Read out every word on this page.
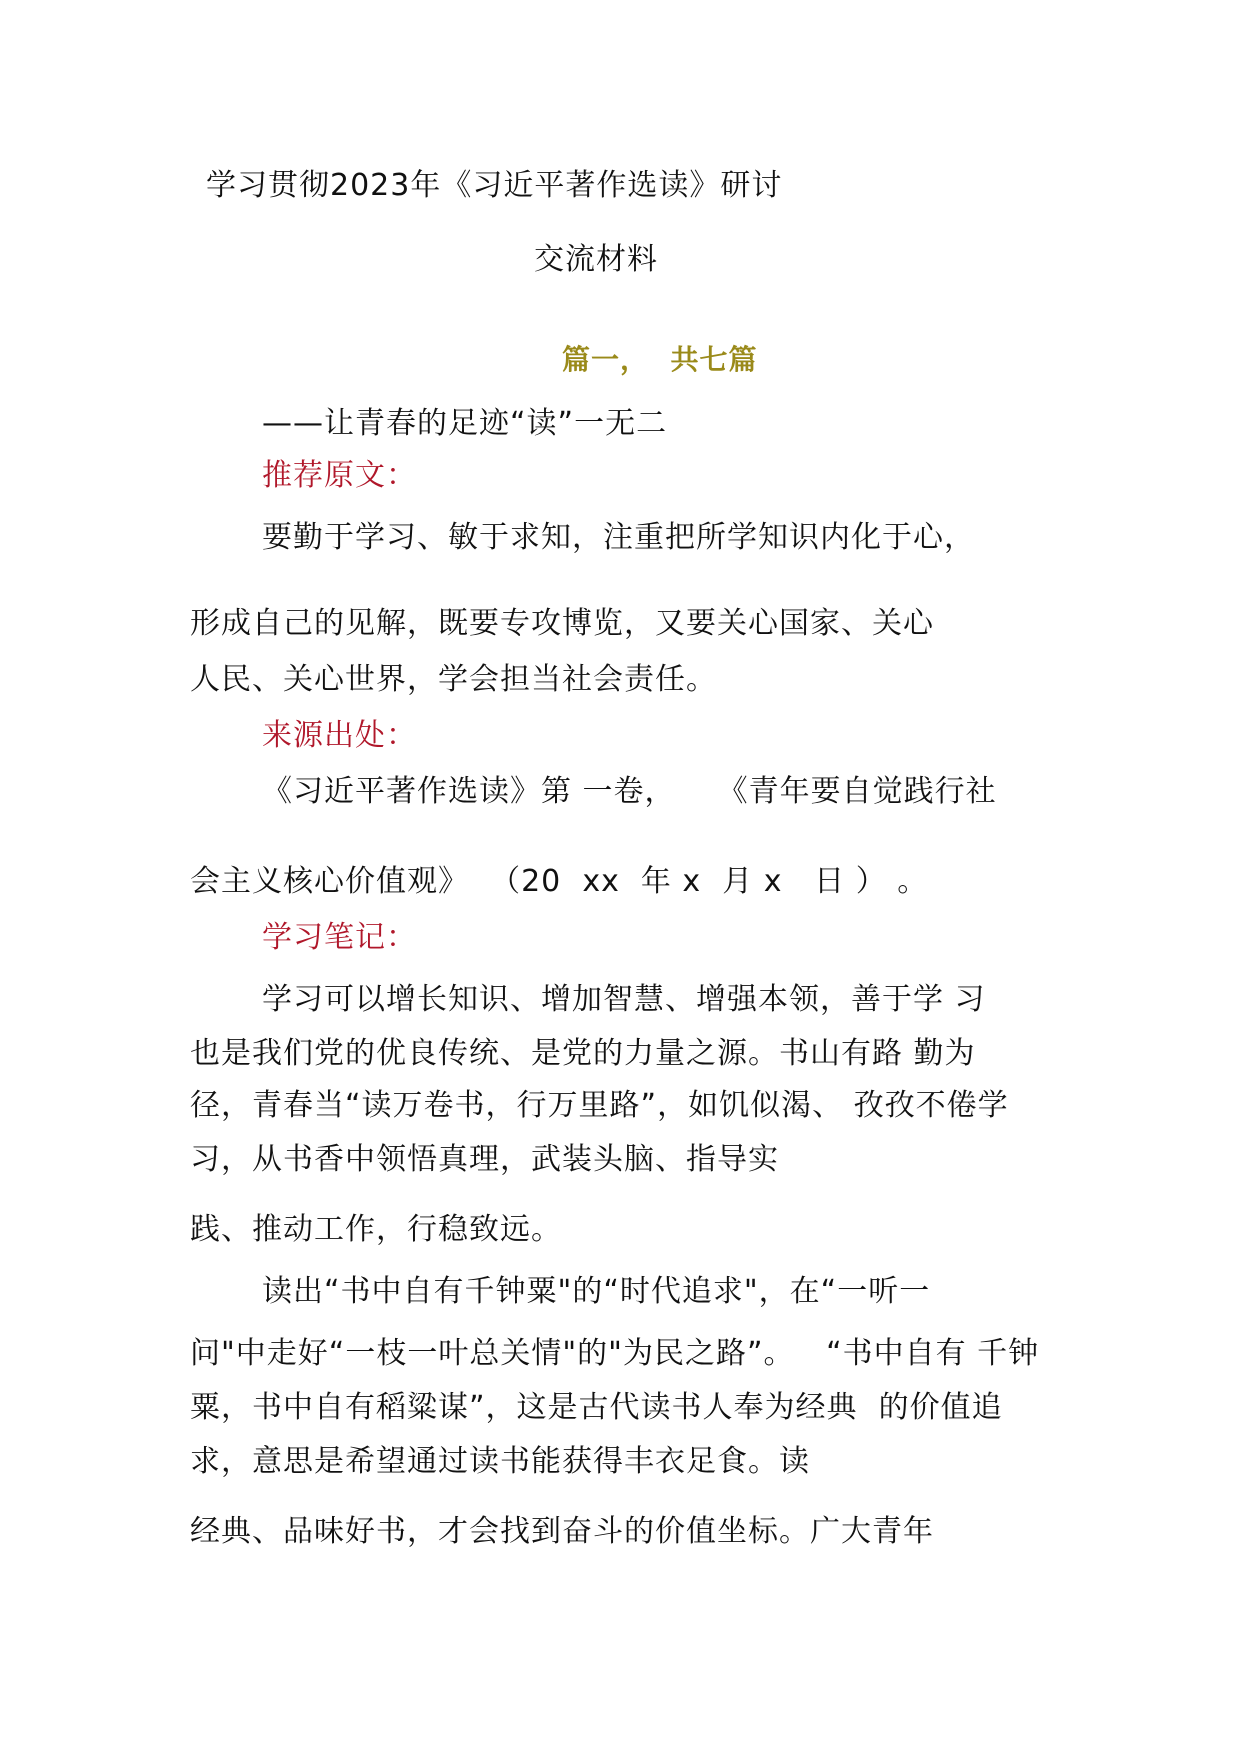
学习贯彻2023年《习近平著作选读》研讨
交流材料
篇一，  共七篇
——让青春的足迹“读”一无二
推荐原文：
要勤于学习、敏于求知，注重把所学知识内化于心，
形成自己的见解，既要专攻博览，又要关心国家、关心
人民、关心世界，学会担当社会责任。
来源出处：
《习近平著作选读》第 一卷，    《青年要自觉践行社
会主义核心价值观》  （20  xx  年 x  月 x   日 ） 。
学习笔记：
学习可以增长知识、增加智慧、增强本领，善于学 习
也是我们党的优良传统、是党的力量之源。书山有路 勤为
径，青春当“读万卷书，行万里路”，如饥似渴、 孜孜不倦学
习，从书香中领悟真理，武装头脑、指导实
践、推动工作，行稳致远。
读出“书中自有千钟粟"的“时代追求"，在“一听一
问"中走好“一枝一叶总关情"的"为民之路”。   “书中自有 千钟
粟，书中自有稻粱谋”，这是古代读书人奉为经典  的价值追
求，意思是希望通过读书能获得丰衣足食。读
经典、品味好书，才会找到奋斗的价值坐标。广大青年
